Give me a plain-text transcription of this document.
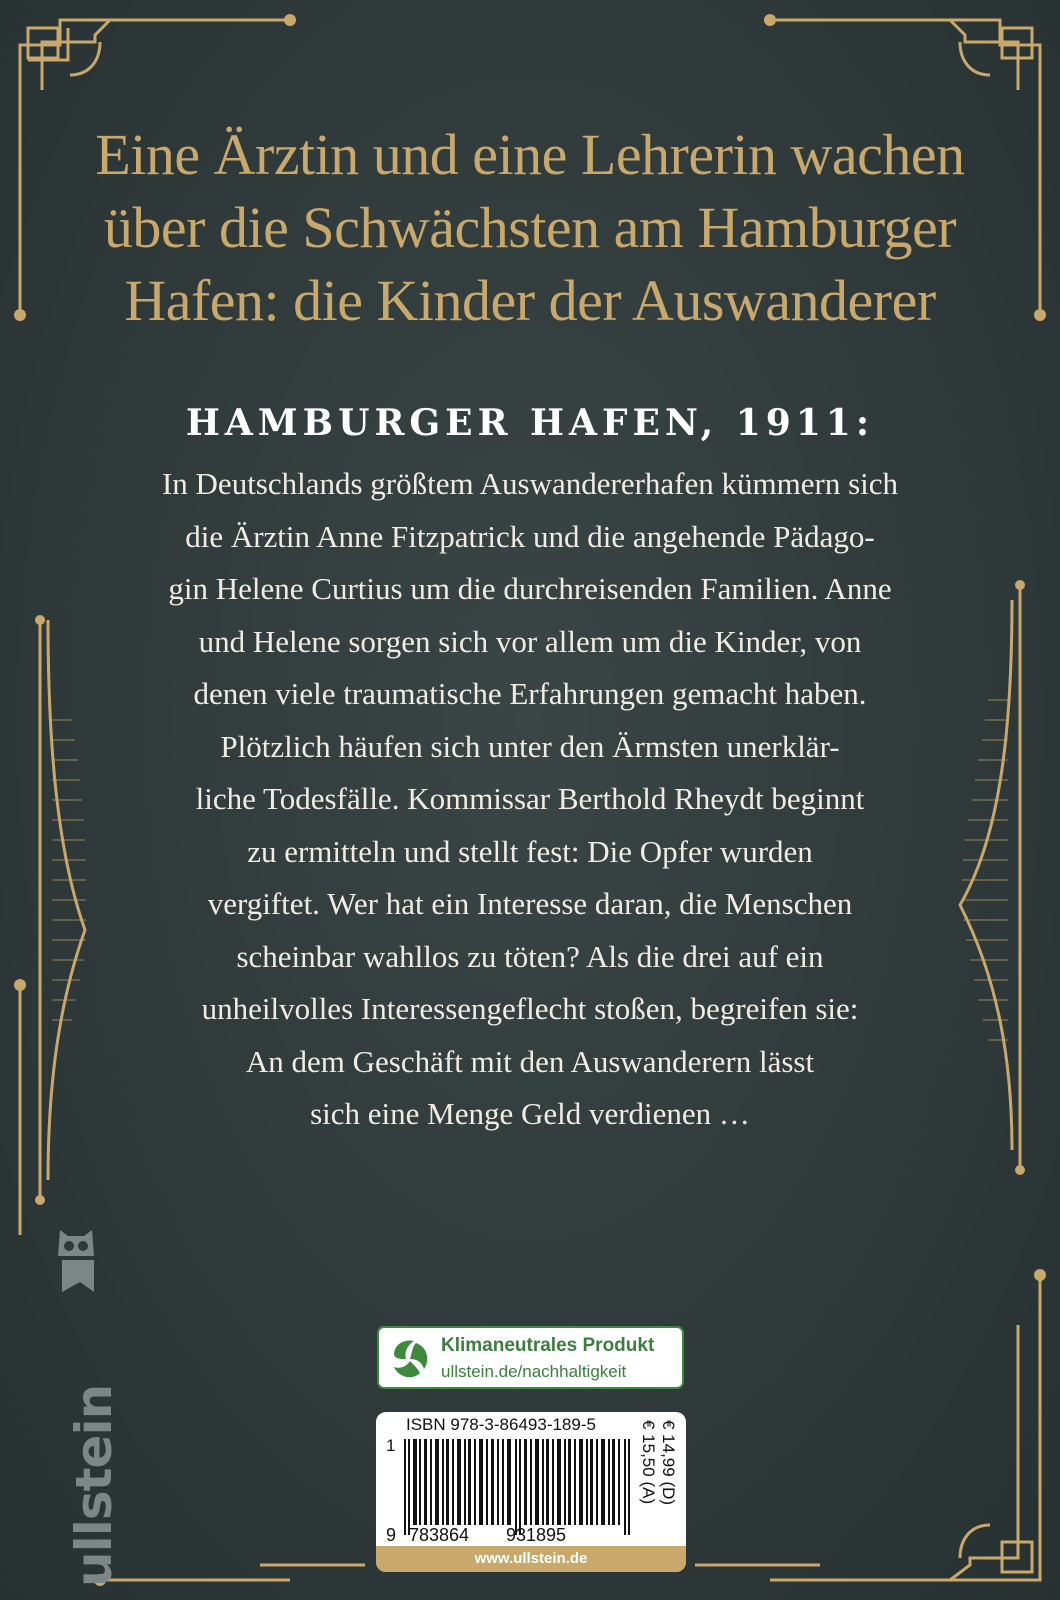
Eine Ärztin und eine Lehrerin wachen
über die Schwächsten am Hamburger
Hafen: die Kinder der Auswanderer
HAMBURGER HAFEN, 1911:
In Deutschlands größtem Auswandererhafen kümmern sich
die Ärztin Anne Fitzpatrick und die angehende Pädago-
gin Helene Curtius um die durchreisenden Familien. Anne
und Helene sorgen sich vor allem um die Kinder, von
denen viele traumatische Erfahrungen gemacht haben.
Plötzlich häufen sich unter den Ärmsten unerklär-
liche Todesfälle. Kommissar Berthold Rheydt beginnt
zu ermitteln und stellt fest: Die Opfer wurden
vergiftet. Wer hat ein Interesse daran, die Menschen
scheinbar wahllos zu töten? Als die drei auf ein
unheilvolles Interessengeflecht stoßen, begreifen sie:
An dem Geschäft mit den Auswanderern lässt
sich eine Menge Geld verdienen …
ullstein
Klimaneutrales Produkt
ullstein.de/nachhaltigkeit
ISBN 978-3-86493-189-5
1
9 783864 931895
€ 14,99 (D)
€ 15,50 (A)
www.ullstein.de
